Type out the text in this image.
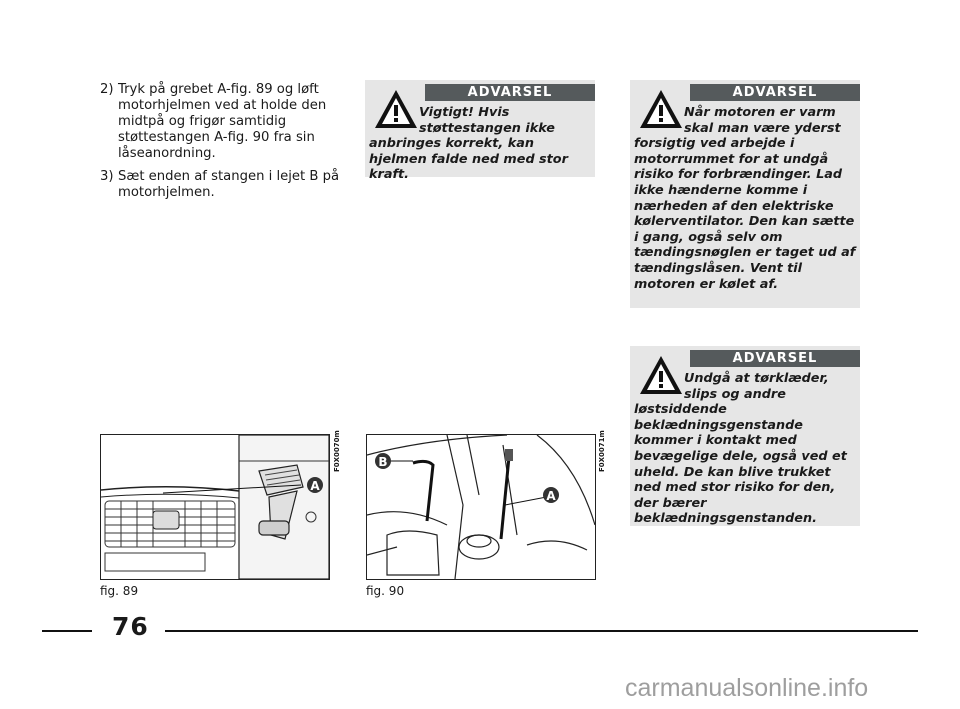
2) Tryk på grebet A-fig. 89 og løft motorhjelmen ved at holde den midtpå og frigør samtidig støttestangen A-fig. 90 fra sin låseanordning.
3) Sæt enden af stangen i lejet B på motorhjelmen.
ADVARSEL
Vigtigt! Hvis støttestangen ikke
anbringes korrekt, kan hjelmen falde ned med stor kraft.
ADVARSEL
Når motoren er varm skal man være yderst
forsigtig ved arbejde i motorrummet for at undgå risiko for forbrændinger. Lad ikke hænderne komme i nærheden af den elektriske kølerventilator. Den kan sætte i gang, også selv om tændingsnøglen er taget ud af tændingslåsen. Vent til motoren er kølet af.
ADVARSEL
Undgå at tørklæder, slips og andre
løstsiddende beklædningsgenstande kommer i kontakt med bevægelige dele, også ved et uheld. De kan blive trukket ned med stor risiko for den, der bærer beklædningsgenstanden.
A
F0X0070m
fig. 89
B
A
F0X0071m
fig. 90
76
carmanualsonline.info
